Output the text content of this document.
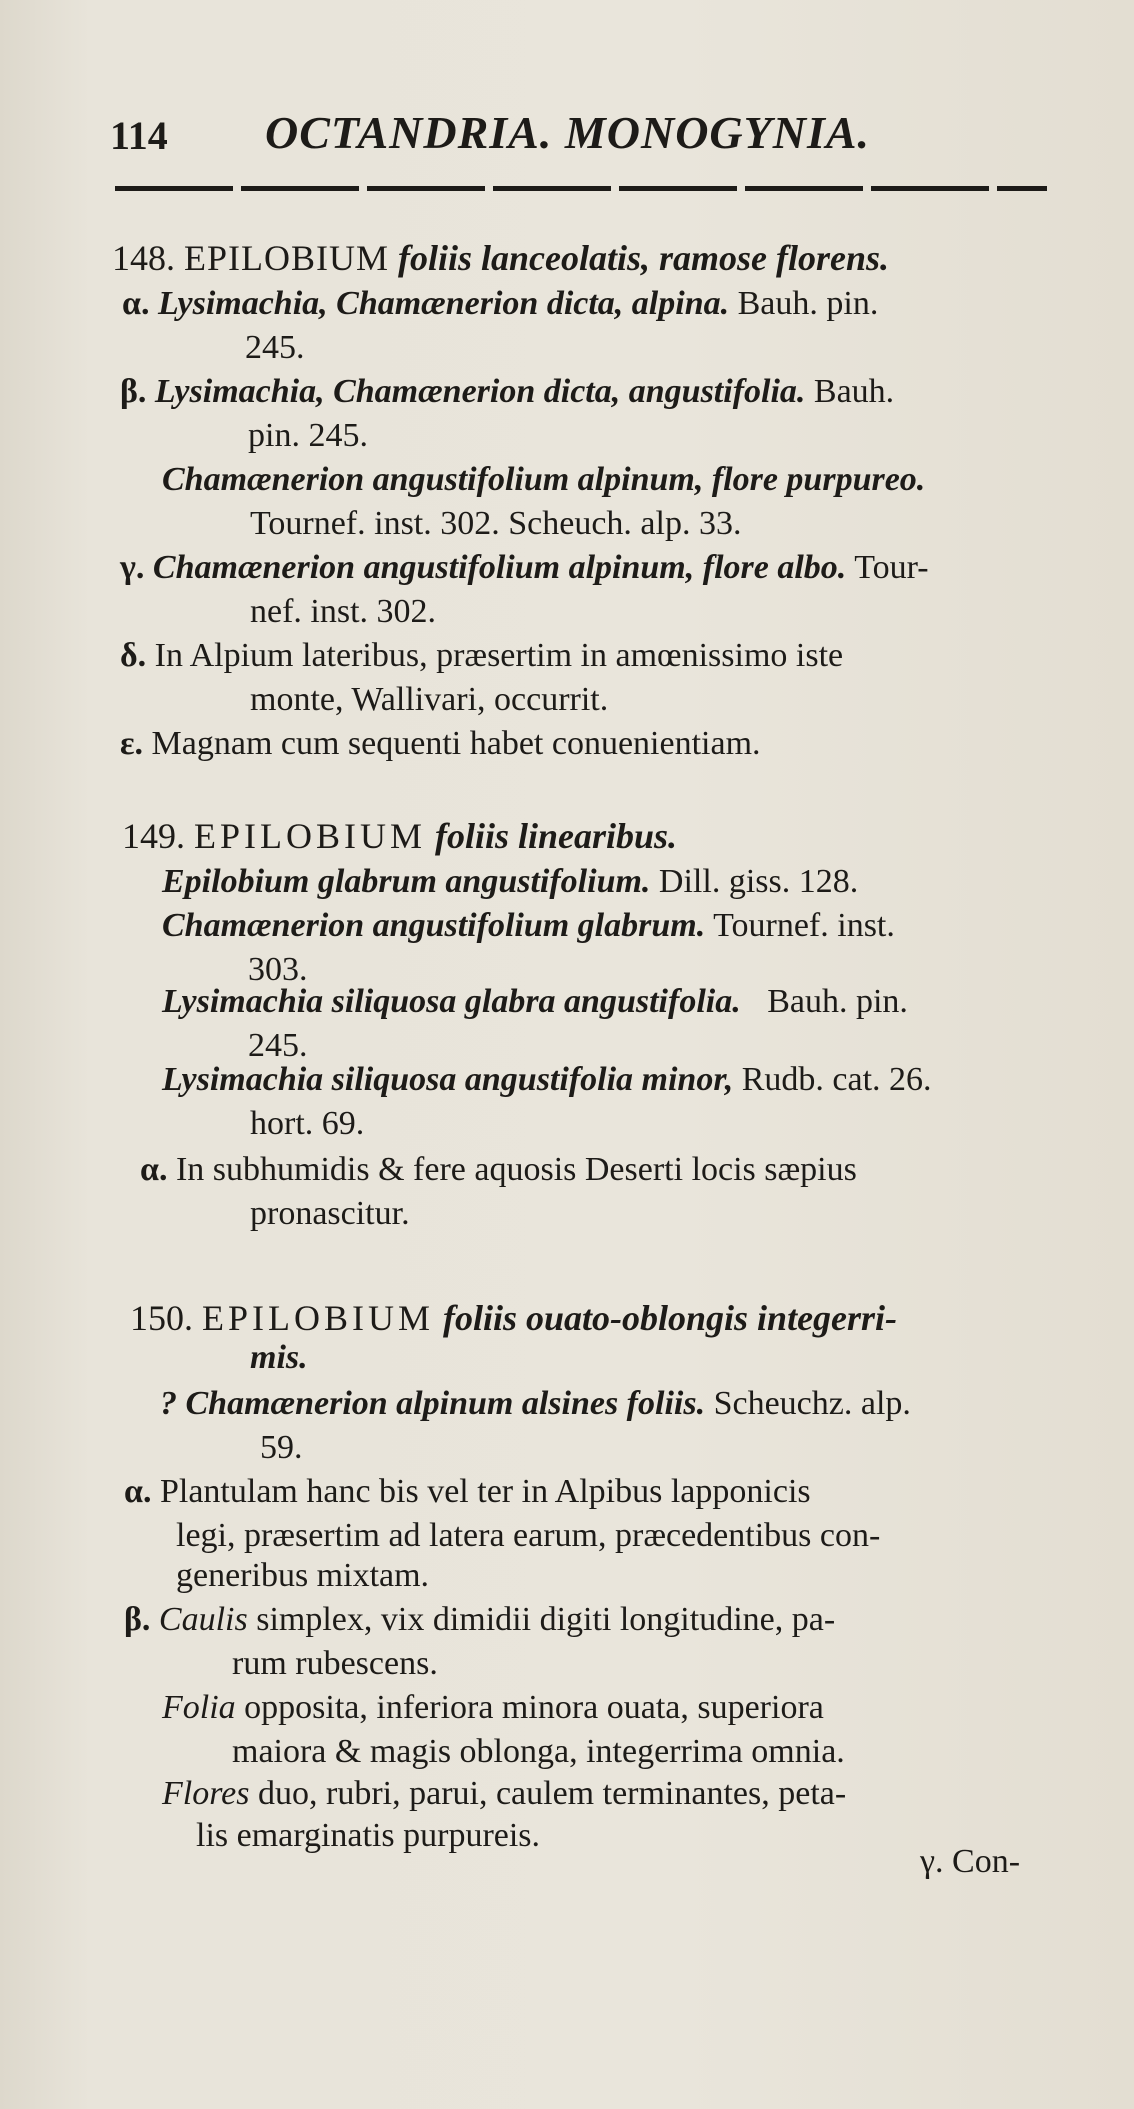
114 OCTANDRIA. MONOGYNIA.
148. EPILOBIUM foliis lanceolatis, ramose florens.
α. Lysimachia, Chamænerion dicta, alpina. Bauh. pin.
245.
β. Lysimachia, Chamænerion dicta, angustifolia. Bauh.
pin. 245.
Chamænerion angustifolium alpinum, flore purpureo.
Tournef. inst. 302. Scheuch. alp. 33.
γ. Chamænerion angustifolium alpinum, flore albo. Tour-
nef. inst. 302.
δ. In Alpium lateribus, præsertim in amœnissimo iste
monte, Wallivari, occurrit.
ε. Magnam cum sequenti habet conuenientiam.
149. EPILOBIUM foliis linearibus.
Epilobium glabrum angustifolium. Dill. giss. 128.
Chamænerion angustifolium glabrum. Tournef. inst.
303.
Lysimachia siliquosa glabra angustifolia. Bauh. pin.
245.
Lysimachia siliquosa angustifolia minor, Rudb. cat. 26.
hort. 69.
α. In subhumidis & fere aquosis Deserti locis sæpius
pronascitur.
150. EPILOBIUM foliis ouato-oblongis integerri-
mis.
? Chamænerion alpinum alsines foliis. Scheuchz. alp.
59.
α. Plantulam hanc bis vel ter in Alpibus lapponicis
legi, præsertim ad latera earum, præcedentibus con-
generibus mixtam.
β. Caulis simplex, vix dimidii digiti longitudine, pa-
rum rubescens.
Folia opposita, inferiora minora ouata, superiora
maiora & magis oblonga, integerrima omnia.
Flores duo, rubri, parui, caulem terminantes, peta-
lis emarginatis purpureis.
γ. Con-
